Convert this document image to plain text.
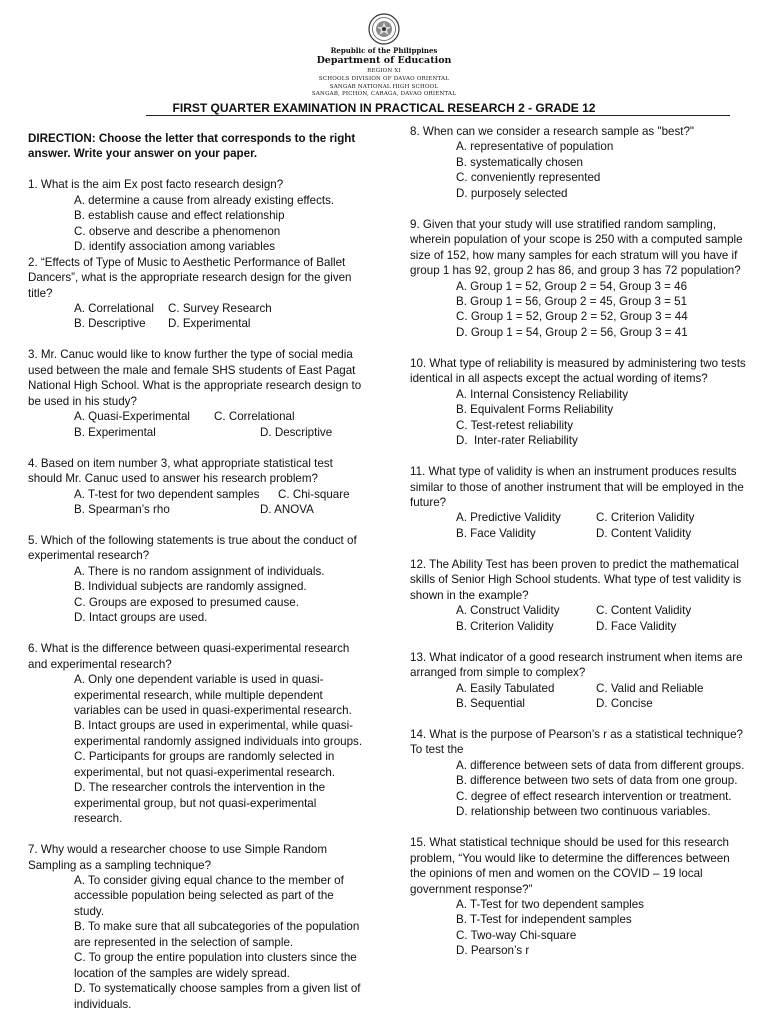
Republic of the Philippines
Department of Education
REGION XI
SCHOOLS DIVISION OF DAVAO ORIENTAL
SANGAB NATIONAL HIGH SCHOOL
SANGAB, PICHON, CARAGA, DAVAO ORIENTAL
FIRST QUARTER EXAMINATION IN PRACTICAL RESEARCH 2 - GRADE 12
DIRECTION: Choose the letter that corresponds to the right
answer. Write your answer on your paper.
1. What is the aim Ex post facto research design?
A. determine a cause from already existing effects.
B. establish cause and effect relationship
C. observe and describe a phenomenon
D. identify association among variables
2. “Effects of Type of Music to Aesthetic Performance of Ballet
Dancers”, what is the appropriate research design for the given
title?
A. Correlational	C. Survey Research
B. Descriptive	D. Experimental
3. Mr. Canuc would like to know further the type of social media
used between the male and female SHS students of East Pagat
National High School. What is the appropriate research design to
be used in his study?
A. Quasi-Experimental	C. Correlational
B. Experimental	D. Descriptive
4. Based on item number 3, what appropriate statistical test
should Mr. Canuc used to answer his research problem?
A. T-test for two dependent samples	C. Chi-square
B. Spearman’s rho	D. ANOVA
5. Which of the following statements is true about the conduct of
experimental research?
A. There is no random assignment of individuals.
B. Individual subjects are randomly assigned.
C. Groups are exposed to presumed cause.
D. Intact groups are used.
6. What is the difference between quasi-experimental research
and experimental research?
A. Only one dependent variable is used in quasi-
experimental research, while multiple dependent
variables can be used in quasi-experimental research.
B. Intact groups are used in experimental, while quasi-
experimental randomly assigned individuals into groups.
C. Participants for groups are randomly selected in
experimental, but not quasi-experimental research.
D. The researcher controls the intervention in the
experimental group, but not quasi-experimental
research.
7. Why would a researcher choose to use Simple Random
Sampling as a sampling technique?
A. To consider giving equal chance to the member of
accessible population being selected as part of the
study.
B. To make sure that all subcategories of the population
are represented in the selection of sample.
C. To group the entire population into clusters since the
location of the samples are widely spread.
D. To systematically choose samples from a given list of
individuals.
8. When can we consider a research sample as "best?"
A. representative of population
B. systematically chosen
C. conveniently represented
D. purposely selected
9. Given that your study will use stratified random sampling,
wherein population of your scope is 250 with a computed sample
size of 152, how many samples for each stratum will you have if
group 1 has 92, group 2 has 86, and group 3 has 72 population?
A. Group 1 = 52, Group 2 = 54, Group 3 = 46
B. Group 1 = 56, Group 2 = 45, Group 3 = 51
C. Group 1 = 52, Group 2 = 52, Group 3 = 44
D. Group 1 = 54, Group 2 = 56, Group 3 = 41
10. What type of reliability is measured by administering two tests
identical in all aspects except the actual wording of items?
A. Internal Consistency Reliability
B. Equivalent Forms Reliability
C. Test-retest reliability
D.  Inter-rater Reliability
11. What type of validity is when an instrument produces results
similar to those of another instrument that will be employed in the
future?
A. Predictive Validity	C. Criterion Validity
B. Face Validity	D. Content Validity
12. The Ability Test has been proven to predict the mathematical
skills of Senior High School students. What type of test validity is
shown in the example?
A. Construct Validity	C. Content Validity
B. Criterion Validity	D. Face Validity
13. What indicator of a good research instrument when items are
arranged from simple to complex?
A. Easily Tabulated	C. Valid and Reliable
B. Sequential	D. Concise
14. What is the purpose of Pearson’s r as a statistical technique?
To test the
A. difference between sets of data from different groups.
B. difference between two sets of data from one group.
C. degree of effect research intervention or treatment.
D. relationship between two continuous variables.
15. What statistical technique should be used for this research
problem, “You would like to determine the differences between
the opinions of men and women on the COVID – 19 local
government response?”
A. T-Test for two dependent samples
B. T-Test for independent samples
C. Two-way Chi-square
D. Pearson’s r
